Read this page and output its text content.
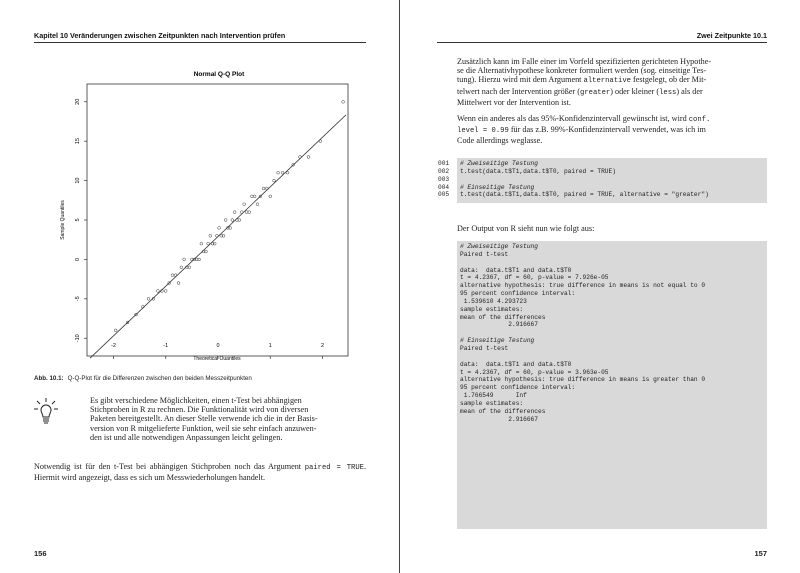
Kapitel 10 Veränderungen zwischen Zeitpunkten nach Intervention prüfen
Normal Q-Q Plot
-2	-1	0	1	2
-10
-5
0
5
10
15
20
Theoretical Quantiles
Sample Quantiles
Abb. 10.1: Q-Q-Plot für die Differenzen zwischen den beiden Messzeitpunkten
Es gibt verschiedene Möglichkeiten, einen t-Test bei abhängigen
Stichproben in R zu rechnen. Die Funktionalität wird von diversen
Paketen bereitgestellt. An dieser Stelle verwende ich die in der Basis-
version von R mitgelieferte Funktion, weil sie sehr einfach anzuwen-
den ist und alle notwendigen Anpassungen leicht gelingen.
Notwendig ist für den t-Test bei abhängigen Stichproben noch das Argument paired = TRUE. Hiermit wird angezeigt, dass es sich um Messwiederholungen handelt.
156
Zwei Zeitpunkte 10.1
157
Zusätzlich kann im Falle einer im Vorfeld spezifizierten gerichteten Hypothe-
se die Alternativhypothese konkreter formuliert werden (sog. einseitige Tes-
tung). Hierzu wird mit dem Argument alternative festgelegt, ob der Mit-
telwert nach der Intervention größer (greater) oder kleiner (less) als der
Mittelwert vor der Intervention ist.
Wenn ein anderes als das 95%-Konfidenzintervall gewünscht ist, wird conf.
level = 0.99 für das z.B. 99%-Konfidenzintervall verwendet, was ich im
Code allerdings weglasse.
001
002
003
004
005
# Zweiseitige Testung
t.test(data.t$T1,data.t$T0, paired = TRUE)
# Einseitige Testung
t.test(data.t$T1,data.t$T0, paired = TRUE, alternative = "greater")
Der Output von R sieht nun wie folgt aus:
# Zweiseitige Testung
Paired t-test
data:  data.t$T1 and data.t$T0
t = 4.2367, df = 60, p-value = 7.926e-05
alternative hypothesis: true difference in means is not equal to 0
95 percent confidence interval:
1.539610 4.293723
sample estimates:
mean of the differences
2.916667
# Einseitige Testung
Paired t-test
data:  data.t$T1 and data.t$T0
t = 4.2367, df = 60, p-value = 3.963e-05
alternative hypothesis: true difference in means is greater than 0
95 percent confidence interval:
1.766549      Inf
sample estimates:
mean of the differences
2.916667
